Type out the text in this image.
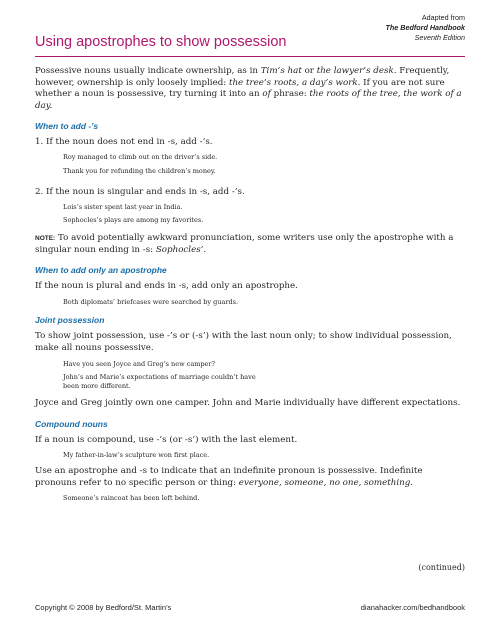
Using apostrophes to show possession
Adapted from
The Bedford Handbook
Seventh Edition

Possessive nouns usually indicate ownership, as in Tim’s hat or the lawyer’s desk. Frequently, however, ownership is only loosely implied: the tree’s roots, a day’s work. If you are not sure whether a noun is possessive, try turning it into an of phrase: the roots of the tree, the work of a day.

When to add -’s

1. If the noun does not end in -s, add -’s.

Roy managed to climb out on the driver’s side.
Thank you for refunding the children’s money.

2. If the noun is singular and ends in -s, add -’s.

Lois’s sister spent last year in India.
Sophocles’s plays are among my favorites.

NOTE: To avoid potentially awkward pronunciation, some writers use only the apostrophe with a singular noun ending in -s: Sophocles’.

When to add only an apostrophe

If the noun is plural and ends in -s, add only an apostrophe.

Both diplomats’ briefcases were searched by guards.
Joint possession

To show joint possession, use -’s or (-s’) with the last noun only; to show individual possession, make all nouns possessive.

Have you seen Joyce and Greg’s new camper?
John’s and Marie’s expectations of marriage couldn’t have
been more different.

Joyce and Greg jointly own one camper. John and Marie individually have different expectations.

Compound nouns

If a noun is compound, use -’s (or -s’) with the last element.

My father-in-law’s sculpture won first place.

Use an apostrophe and -s to indicate that an indefinite pronoun is possessive. Indefinite pronouns refer to no specific person or thing: everyone, someone, no one, something.

Someone’s raincoat has been left behind.
(continued)
Copyright © 2008 by Bedford/St. Martin’s	dianahacker.com/bedhandbook
